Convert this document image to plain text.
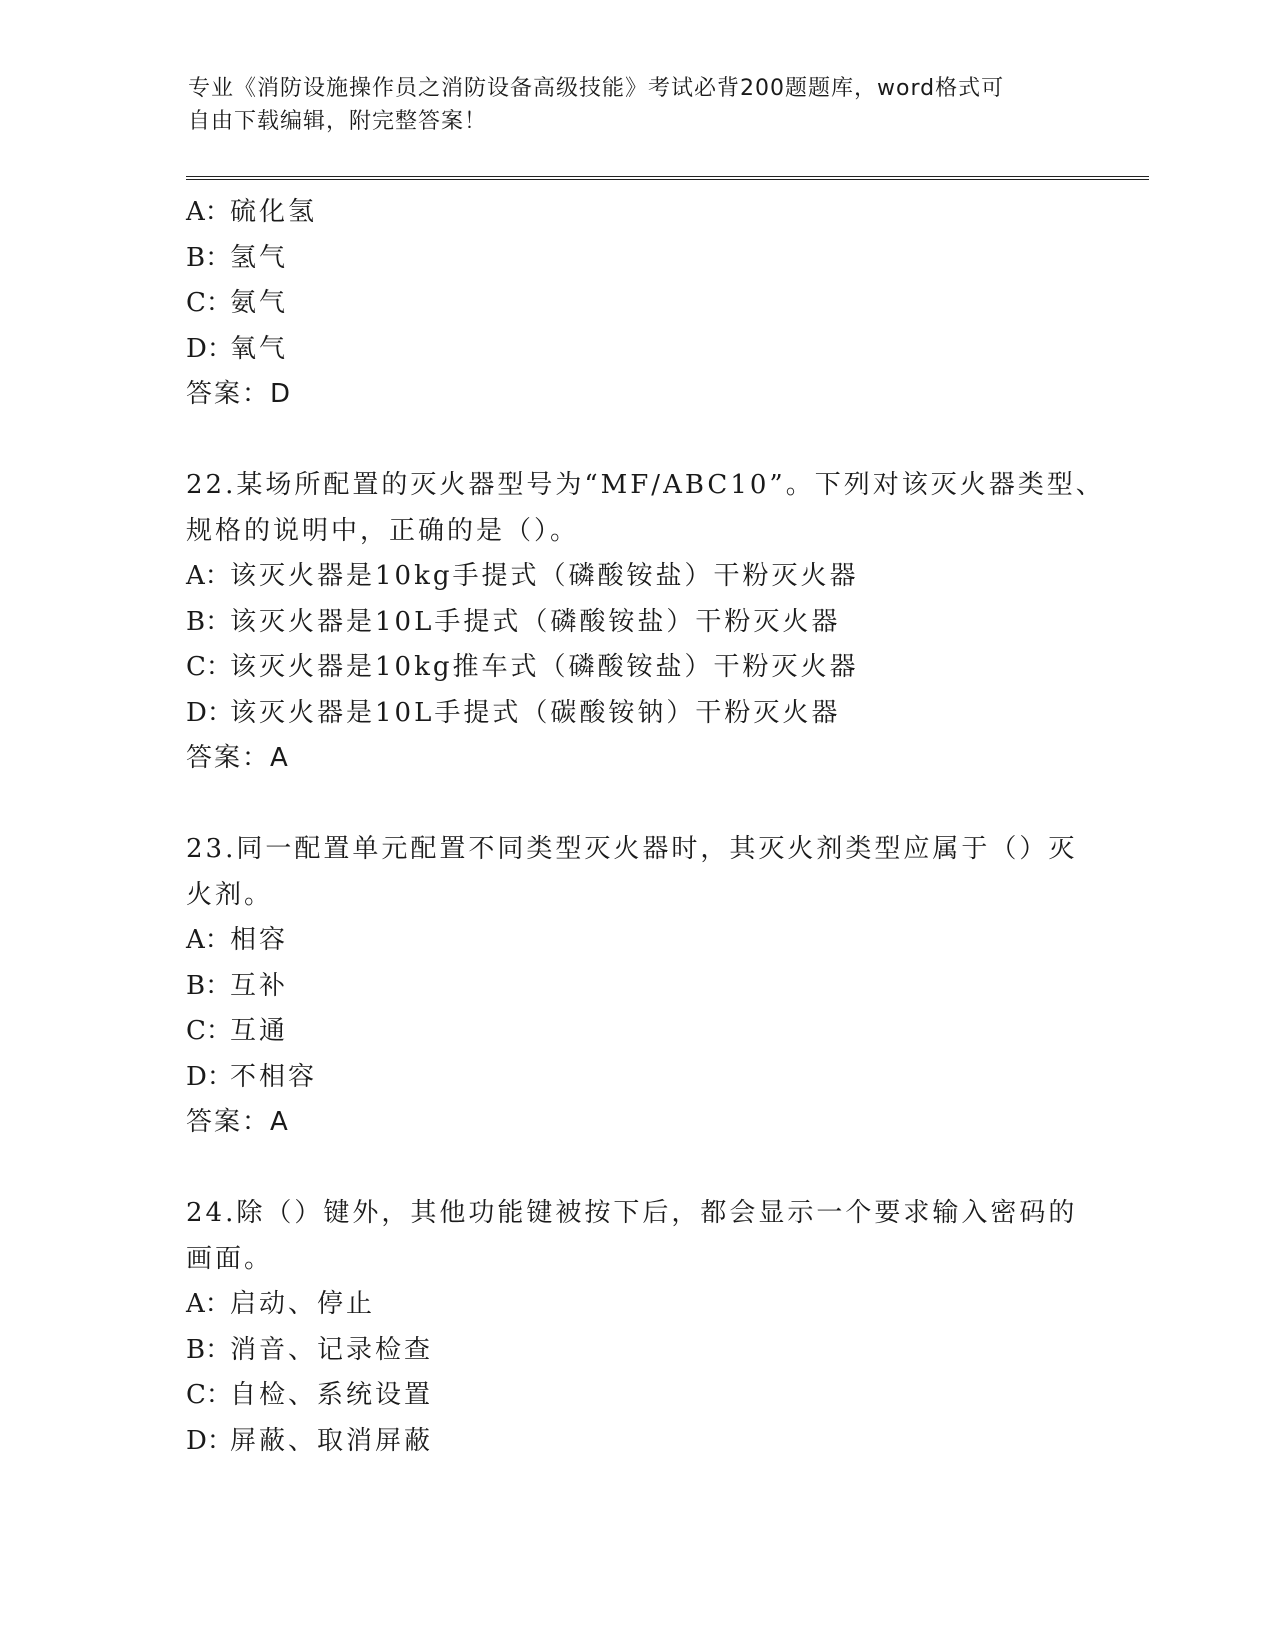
专业《消防设施操作员之消防设备高级技能》考试必背200题题库，word格式可
自由下载编辑，附完整答案！
A：硫化氢
B：氢气
C：氨气
D：氧气
答案：D
22.某场所配置的灭火器型号为“MF/ABC10”。下列对该灭火器类型、
规格的说明中，正确的是（）。
A：该灭火器是10kg手提式（磷酸铵盐）干粉灭火器
B：该灭火器是10L手提式（磷酸铵盐）干粉灭火器
C：该灭火器是10kg推车式（磷酸铵盐）干粉灭火器
D：该灭火器是10L手提式（碳酸铵钠）干粉灭火器
答案：A
23.同一配置单元配置不同类型灭火器时，其灭火剂类型应属于（）灭
火剂。
A：相容
B：互补
C：互通
D：不相容
答案：A
24.除（）键外，其他功能键被按下后，都会显示一个要求输入密码的
画面。
A：启动、停止
B：消音、记录检查
C：自检、系统设置
D：屏蔽、取消屏蔽
